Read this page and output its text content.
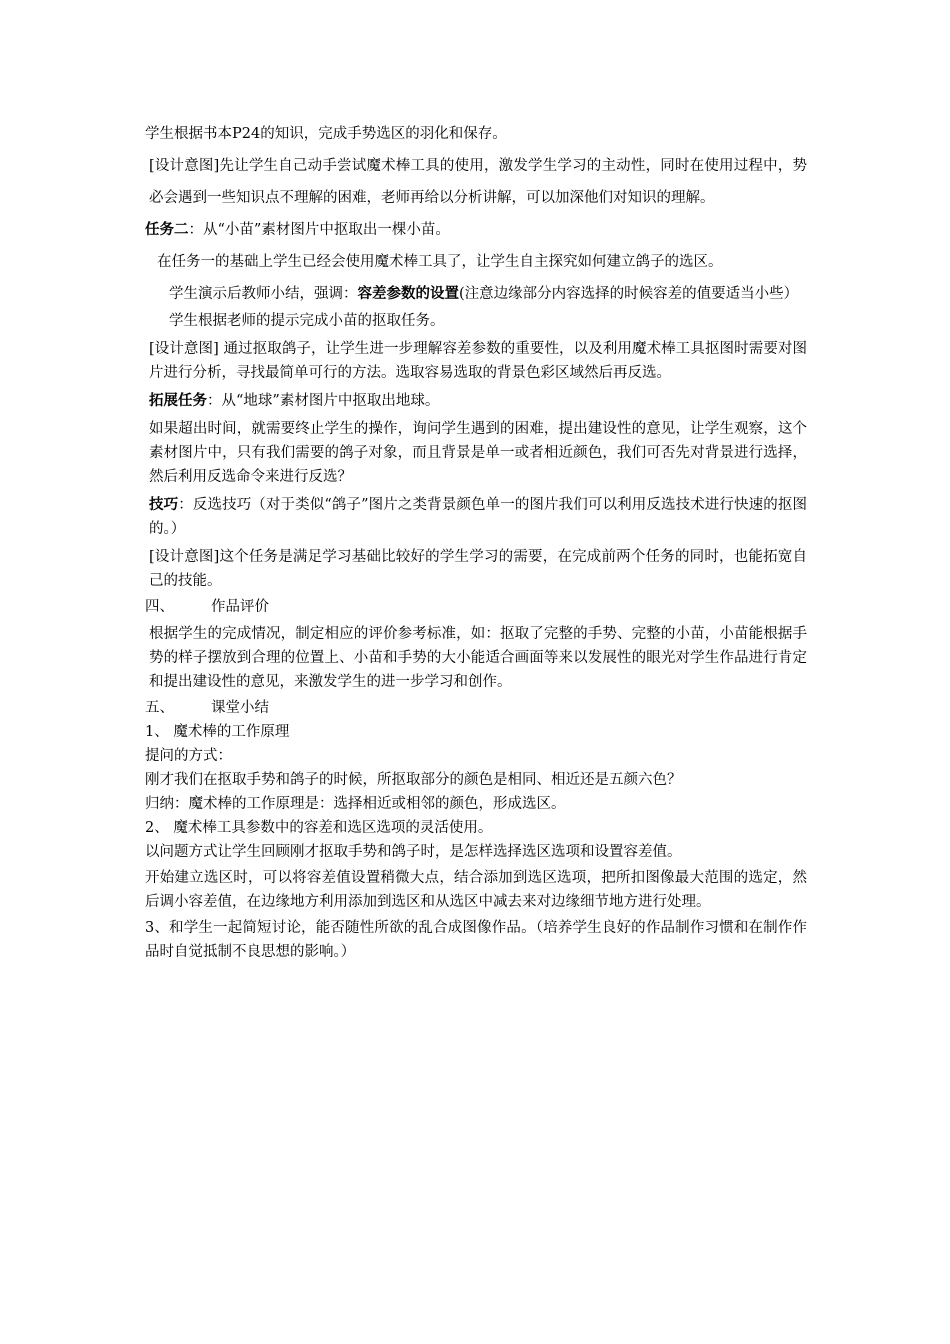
学生根据书本P24的知识，完成手势选区的羽化和保存。

[设计意图]先让学生自己动手尝试魔术棒工具的使用，激发学生学习的主动性，同时在使用过程中，势必会遇到一些知识点不理解的困难，老师再给以分析讲解，可以加深他们对知识的理解。

任务二：从“小苗”素材图片中抠取出一棵小苗。

在任务一的基础上学生已经会使用魔术棒工具了，让学生自主探究如何建立鸽子的选区。

学生演示后教师小结，强调：容差参数的设置(注意边缘部分内容选择的时候容差的值要适当小些）

学生根据老师的提示完成小苗的抠取任务。

[设计意图] 通过抠取鸽子，让学生进一步理解容差参数的重要性，以及利用魔术棒工具抠图时需要对图片进行分析，寻找最简单可行的方法。选取容易选取的背景色彩区域然后再反选。

拓展任务：从“地球”素材图片中抠取出地球。

如果超出时间，就需要终止学生的操作，询问学生遇到的困难，提出建设性的意见，让学生观察，这个素材图片中，只有我们需要的鸽子对象，而且背景是单一或者相近颜色，我们可否先对背景进行选择，然后利用反选命令来进行反选？

技巧：反选技巧（对于类似“鸽子”图片之类背景颜色单一的图片我们可以利用反选技术进行快速的抠图的。）

[设计意图]这个任务是满足学习基础比较好的学生学习的需要，在完成前两个任务的同时，也能拓宽自己的技能。

四、	作品评价

根据学生的完成情况，制定相应的评价参考标准，如：抠取了完整的手势、完整的小苗，小苗能根据手势的样子摆放到合理的位置上、小苗和手势的大小能适合画面等来以发展性的眼光对学生作品进行肯定和提出建设性的意见，来激发学生的进一步学习和创作。

五、	课堂小结

1、 魔术棒的工作原理

提问的方式：

刚才我们在抠取手势和鸽子的时候，所抠取部分的颜色是相同、相近还是五颜六色？

归纳：魔术棒的工作原理是：选择相近或相邻的颜色，形成选区。

2、 魔术棒工具参数中的容差和选区选项的灵活使用。

以问题方式让学生回顾刚才抠取手势和鸽子时，是怎样选择选区选项和设置容差值。

开始建立选区时，可以将容差值设置稍微大点，结合添加到选区选项，把所扣图像最大范围的选定，然后调小容差值，在边缘地方利用添加到选区和从选区中减去来对边缘细节地方进行处理。

3、和学生一起简短讨论，能否随性所欲的乱合成图像作品。（培养学生良好的作品制作习惯和在制作作品时自觉抵制不良思想的影响。）
